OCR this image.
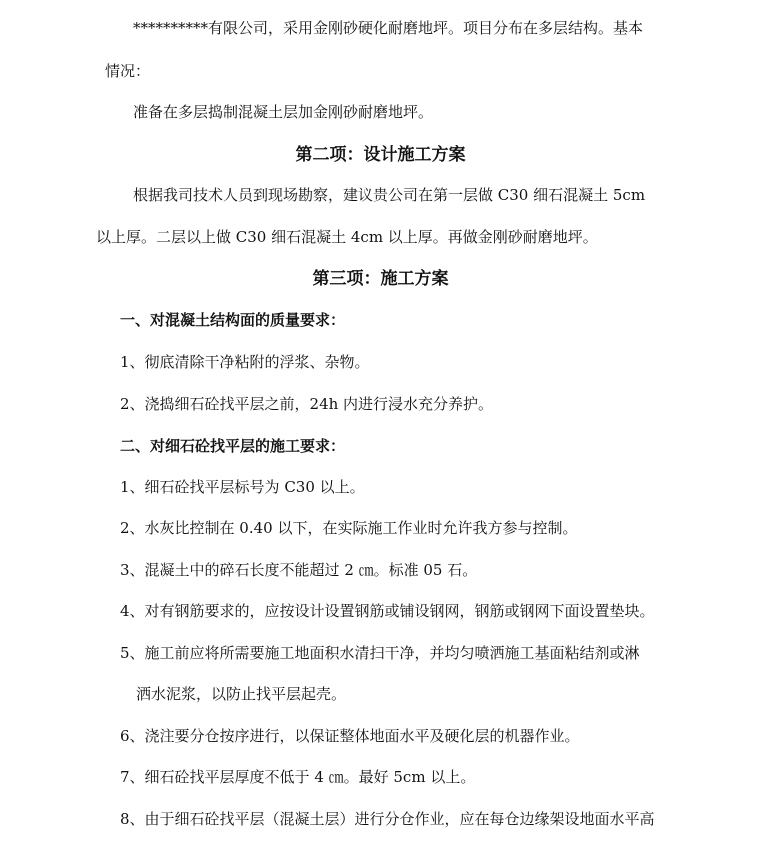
**********有限公司，采用金刚砂硬化耐磨地坪。项目分布在多层结构。基本
情况：
准备在多层捣制混凝土层加金刚砂耐磨地坪。
第二项：设计施工方案
根据我司技术人员到现场勘察，建议贵公司在第一层做 C30 细石混凝土 5cm
以上厚。二层以上做 C30 细石混凝土 4cm 以上厚。再做金刚砂耐磨地坪。
第三项：施工方案
一、对混凝土结构面的质量要求：
1、彻底清除干净粘附的浮浆、杂物。
2、浇捣细石砼找平层之前，24h 内进行浸水充分养护。
二、对细石砼找平层的施工要求：
1、细石砼找平层标号为 C30 以上。
2、水灰比控制在 0.40 以下，在实际施工作业时允许我方参与控制。
3、混凝土中的碎石长度不能超过 2 ㎝。标准 05 石。
4、对有钢筋要求的，应按设计设置钢筋或铺设钢网，钢筋或钢网下面设置垫块。
5、施工前应将所需要施工地面积水清扫干净，并均匀喷洒施工基面粘结剂或淋
洒水泥浆，以防止找平层起壳。
6、浇注要分仓按序进行，以保证整体地面水平及硬化层的机器作业。
7、细石砼找平层厚度不低于 4 ㎝。最好 5cm 以上。
8、由于细石砼找平层（混凝土层）进行分仓作业，应在每仓边缘架设地面水平高
